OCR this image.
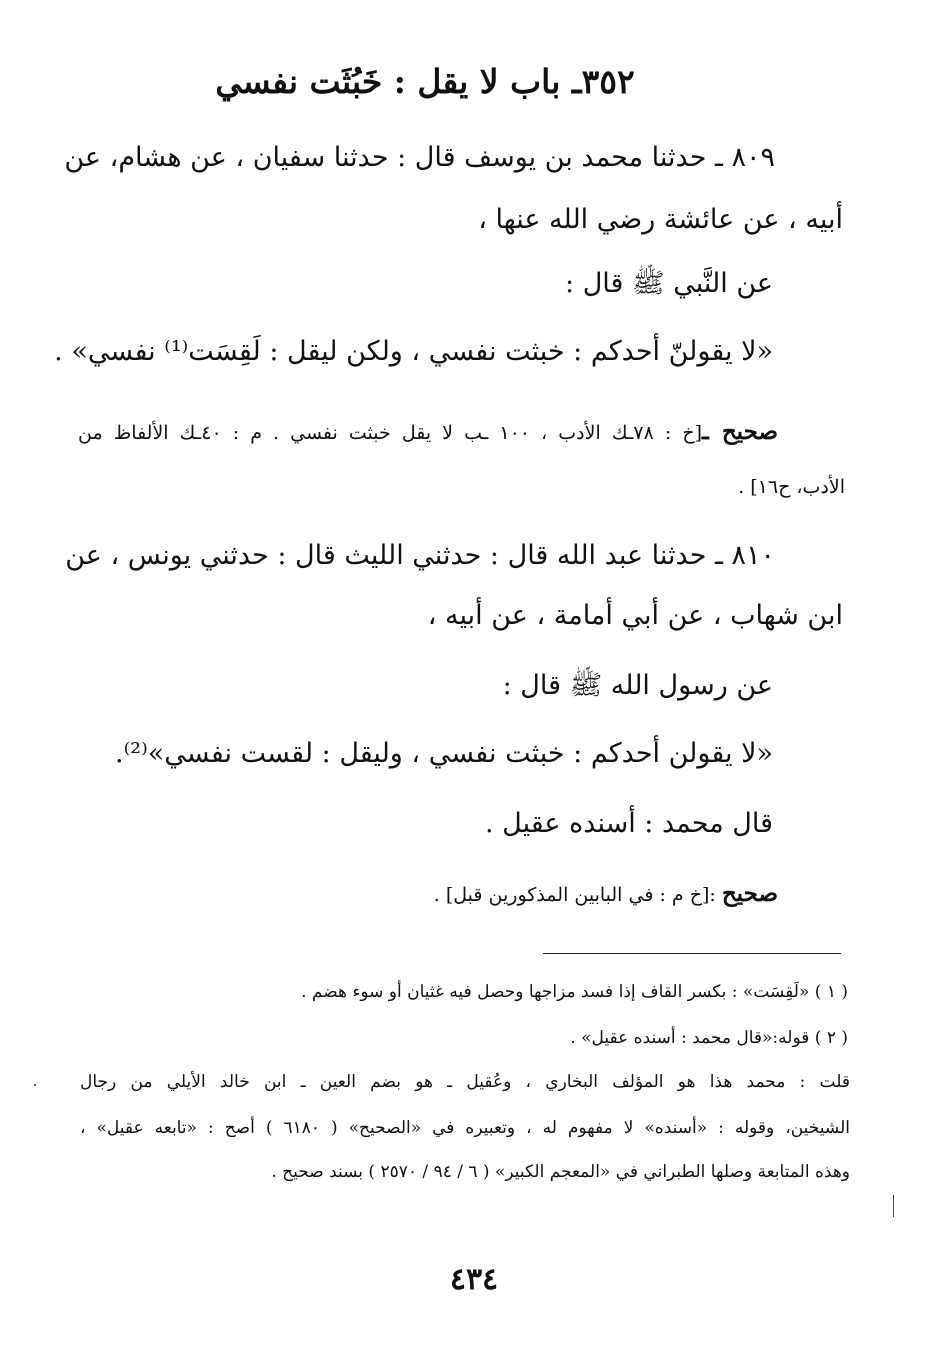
٣٥٢ـ باب لا يقل : خَبُثَت نفسي
٨٠٩ ـ حدثنا محمد بن يوسف قال : حدثنا سفيان ، عن هشام، عن
أبيه ، عن عائشة رضي الله عنها ،
عن النَّبي ﷺ قال :
«لا يقولنّ أحدكم : خبثت نفسي ، ولكن ليقل : لَقِسَت⁽¹⁾ نفسي» .
صحيح ـ[خ : ٧٨ـك الأدب ، ١٠٠ ـب لا يقل خبثت نفسي . م : ٤٠ـك الألفاظ من
الأدب، ح١٦] .
٨١٠ ـ حدثنا عبد الله قال : حدثني الليث قال : حدثني يونس ، عن
ابن شهاب ، عن أبي أمامة ، عن أبيه ،
عن رسول الله ﷺ قال :
«لا يقولن أحدكم : خبثت نفسي ، وليقل : لقست نفسي»⁽²⁾.
قال محمد : أسنده عقيل .
صحيح :[خ م : في البابين المذكورين قبل] .
( ١ ) «لَقِسَت» : بكسر القاف إذا فسد مزاجها وحصل فيه غثيان أو سوء هضم .
( ٢ ) قوله:«قال محمد : أسنده عقيل» .
قلت : محمد هذا هو المؤلف البخاري ، وعُقيل ـ هو بضم العين ـ ابن خالد الأيلي من رجال
الشيخين، وقوله : «أسنده» لا مفهوم له ، وتعبيره في «الصحيح» ( ٦١٨٠ ) أصح : «تابعه عقيل» ،
وهذه المتابعة وصلها الطبراني في «المعجم الكبير» ( ٦ / ٩٤ / ٢٥٧٠ ) بسند صحيح .
٤٣٤
